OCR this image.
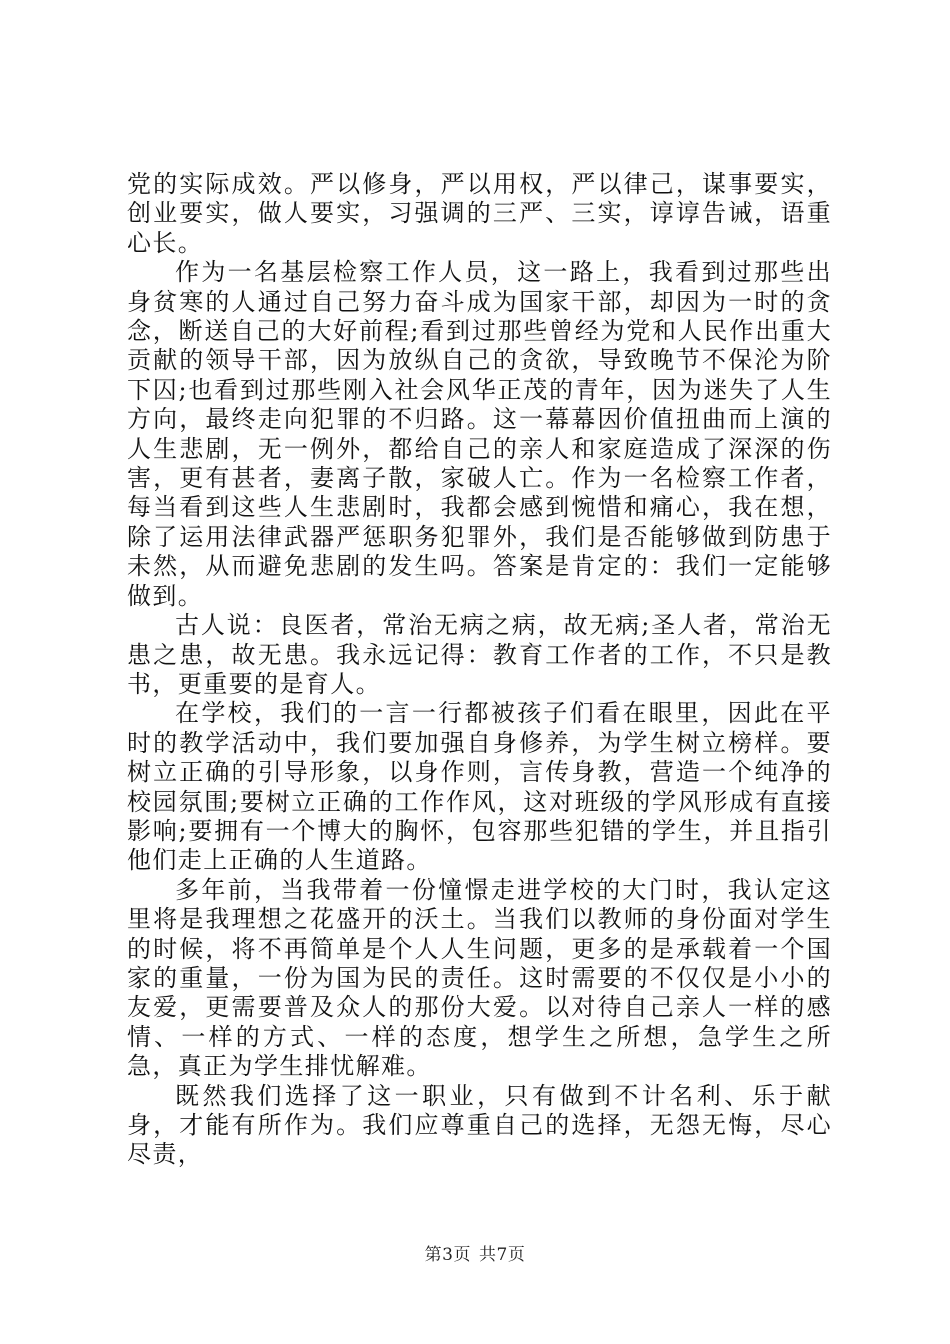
党的实际成效。严以修身，严以用权，严以律己，谋事要实，创业要实，做人要实，习强调的三严、三实，谆谆告诫，语重心长。

作为一名基层检察工作人员，这一路上，我看到过那些出身贫寒的人通过自己努力奋斗成为国家干部，却因为一时的贪念，断送自己的大好前程;看到过那些曾经为党和人民作出重大贡献的领导干部，因为放纵自己的贪欲，导致晚节不保沦为阶下囚;也看到过那些刚入社会风华正茂的青年，因为迷失了人生方向，最终走向犯罪的不归路。这一幕幕因价值扭曲而上演的人生悲剧，无一例外，都给自己的亲人和家庭造成了深深的伤害，更有甚者，妻离子散，家破人亡。作为一名检察工作者，每当看到这些人生悲剧时，我都会感到惋惜和痛心，我在想，除了运用法律武器严惩职务犯罪外，我们是否能够做到防患于未然，从而避免悲剧的发生吗。答案是肯定的：我们一定能够做到。

古人说：良医者，常治无病之病，故无病;圣人者，常治无患之患，故无患。我永远记得：教育工作者的工作，不只是教书，更重要的是育人。

在学校，我们的一言一行都被孩子们看在眼里，因此在平时的教学活动中，我们要加强自身修养，为学生树立榜样。要树立正确的引导形象，以身作则，言传身教，营造一个纯净的校园氛围;要树立正确的工作作风，这对班级的学风形成有直接影响;要拥有一个博大的胸怀，包容那些犯错的学生，并且指引他们走上正确的人生道路。

多年前，当我带着一份憧憬走进学校的大门时，我认定这里将是我理想之花盛开的沃土。当我们以教师的身份面对学生的时候，将不再简单是个人人生问题，更多的是承载着一个国家的重量，一份为国为民的责任。这时需要的不仅仅是小小的友爱，更需要普及众人的那份大爱。以对待自己亲人一样的感情、一样的方式、一样的态度，想学生之所想，急学生之所急，真正为学生排忧解难。

既然我们选择了这一职业，只有做到不计名利、乐于献身，才能有所作为。我们应尊重自己的选择，无怨无悔，尽心尽责，

第3页 共7页
